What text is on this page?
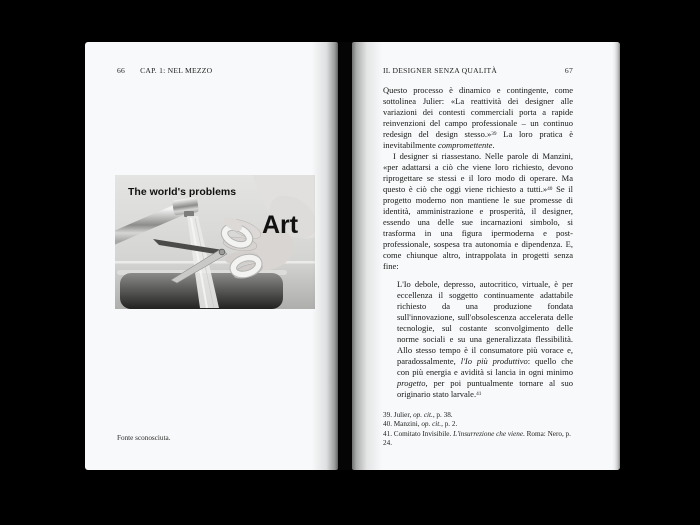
66 CAP. 1: NEL MEZZO
The world's problems
Art
Fonte sconosciuta.
IL DESIGNER SENZA QUALITÀ	67

Questo processo è dinamico e contingente, come sottolinea Julier: «La reattività dei designer alle variazioni dei contesti commerciali porta a rapide reinvenzioni del campo professionale – un continuo redesign del design stesso.»$^{39}$ La loro pratica è inevitabilmente compromettente.

I designer si riassestano. Nelle parole di Manzini, «per adattarsi a ciò che viene loro richiesto, devono riprogettare se stessi e il loro modo di operare. Ma questo è ciò che oggi viene richiesto a tutti.»$^{40}$ Se il progetto moderno non mantiene le sue promesse di identità, amministrazione e prosperità, il designer, essendo una delle sue incarnazioni simbolo, si trasforma in una figura ipermoderna e post-professionale, sospesa tra autonomia e dipendenza. E, come chiunque altro, intrappolata in progetti senza fine:

L'Io debole, depresso, autocritico, virtuale, è per eccellenza il soggetto continuamente adattabile richiesto da una produzione fondata sull'innovazione, sull'obsolescenza accelerata delle tecnologie, sul costante sconvolgimento delle norme sociali e su una generalizzata flessibilità. Allo stesso tempo è il consumatore più vorace e, paradossalmente, l'Io più produttivo: quello che con più energia e avidità si lancia in ogni minimo progetto, per poi puntualmente tornare al suo originario stato larvale.$^{41}$

39. Julier, op. cit., p. 38.

40. Manzini, op. cit., p. 2.

41. Comitato Invisibile. L'insurrezione che viene. Roma: Nero, p. 24.
